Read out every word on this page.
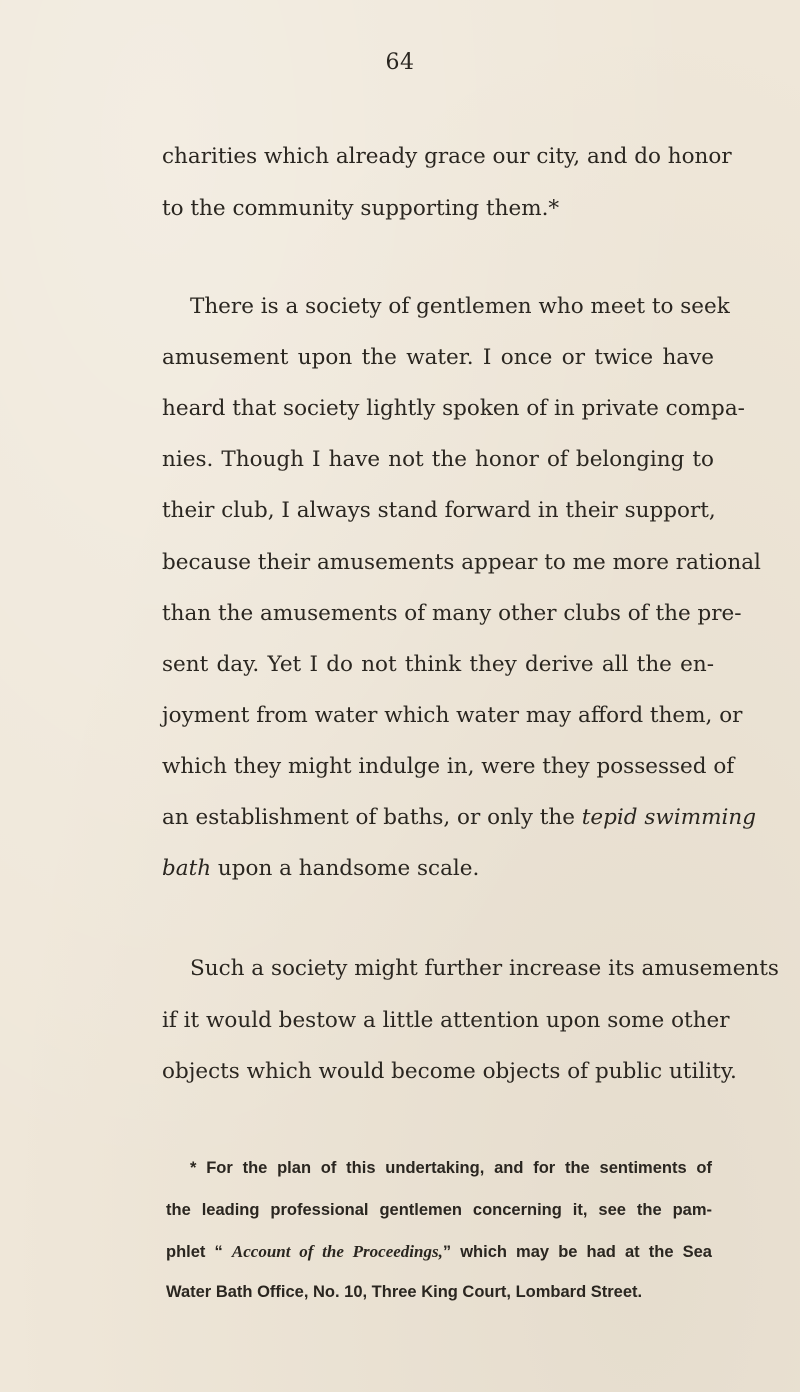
64
charities which already grace our city, and do honor
to the community supporting them.*
There is a society of gentlemen who meet to seek
amusement upon the water. I once or twice have
heard that society lightly spoken of in private compa-
nies. Though I have not the honor of belonging to
their club, I always stand forward in their support,
because their amusements appear to me more rational
than the amusements of many other clubs of the pre-
sent day. Yet I do not think they derive all the en-
joyment from water which water may afford them, or
which they might indulge in, were they possessed of
an establishment of baths, or only the tepid swimming
bath upon a handsome scale.
Such a society might further increase its amusements
if it would bestow a little attention upon some other
objects which would become objects of public utility.
* For the plan of this undertaking, and for the sentiments of
the leading professional gentlemen concerning it, see the pam-
phlet “ Account of the Proceedings,” which may be had at the Sea
Water Bath Office, No. 10, Three King Court, Lombard Street.
